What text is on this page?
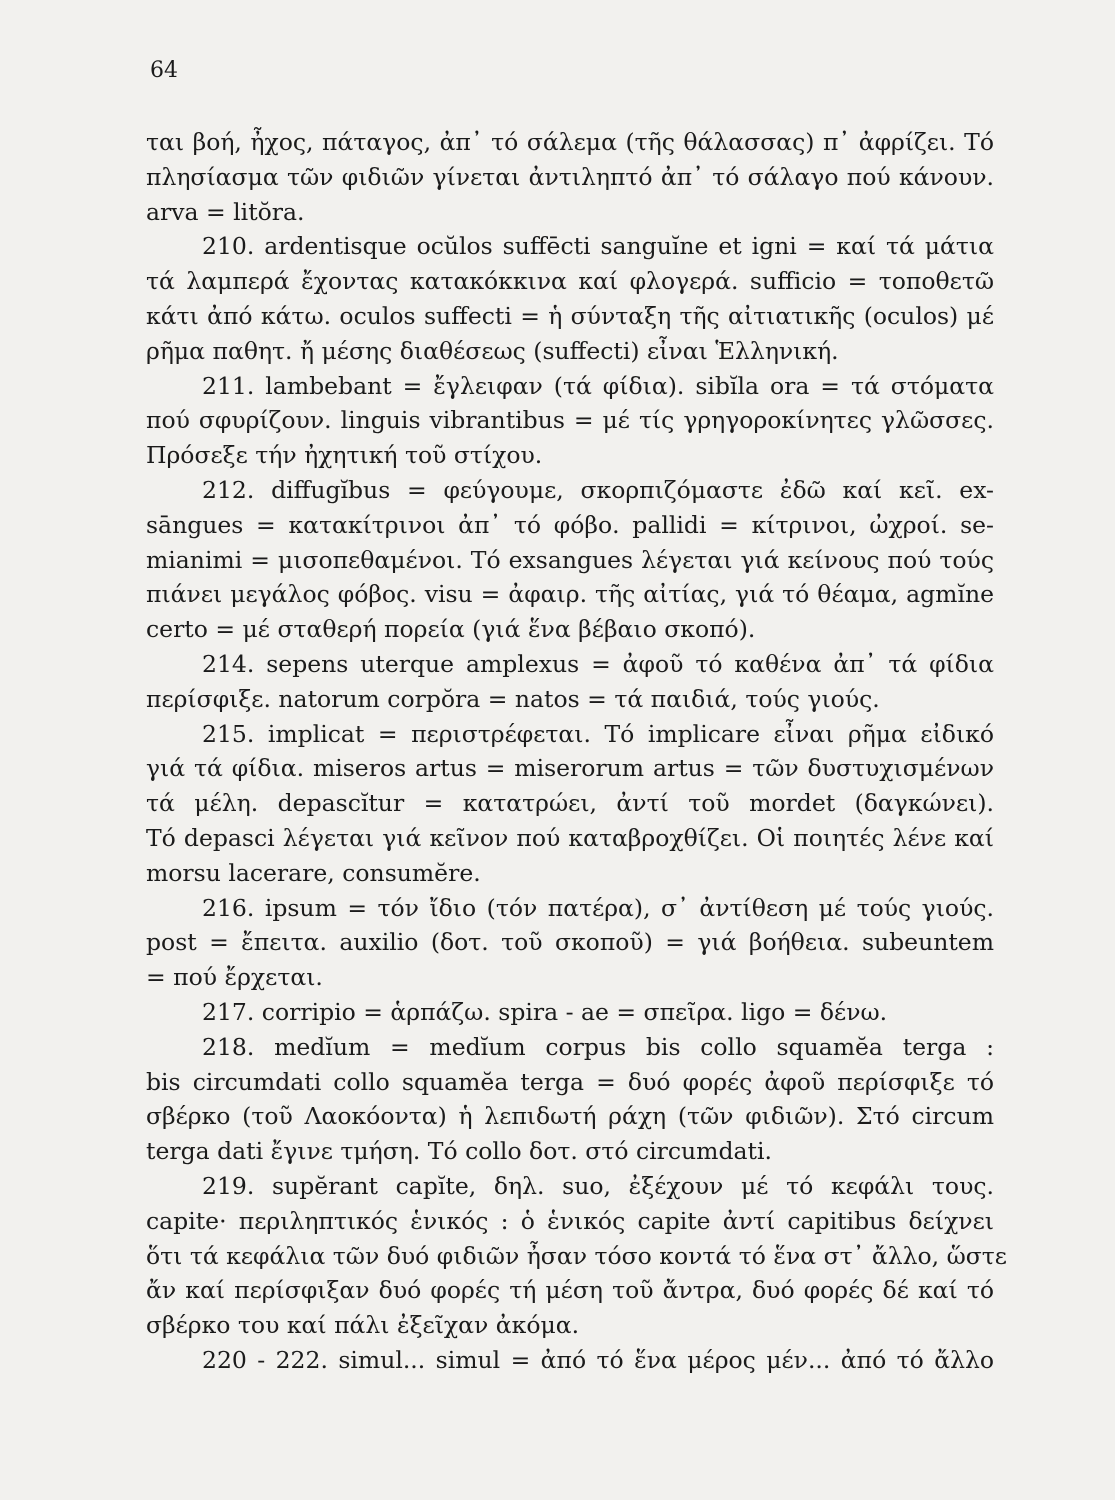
64
ται βοή, ἦχος, πάταγος, ἀπ᾽ τό σάλεμα (τῆς θάλασσας) π᾽ ἀφρίζει. Τό
πλησίασμα τῶν φιδιῶν γίνεται ἀντιληπτό ἀπ᾽ τό σάλαγο πού κάνουν.
arva = litŏra.
210. ardentisque ocŭlos suffēcti sanguĭne et igni = καί τά μάτια
τά λαμπερά ἔχοντας κατακόκκινα καί φλογερά. sufficio = τοποθετῶ
κάτι ἀπό κάτω. oculos suffecti = ἡ σύνταξη τῆς αἰτιατικῆς (oculos) μέ
ρῆμα παθητ. ἤ μέσης διαθέσεως (suffecti) εἶναι Ἑλληνική.
211. lambebant = ἔγλειφαν (τά φίδια). sibĭla ora = τά στόματα
πού σφυρίζουν. linguis vibrantibus = μέ τίς γρηγοροκίνητες γλῶσσες.
Πρόσεξε τήν ἠχητική τοῦ στίχου.
212. diffugĭbus = φεύγουμε, σκορπιζόμαστε ἐδῶ καί κεῖ. ex-
sāngues = κατακίτρινοι ἀπ᾽ τό φόβο. pallidi = κίτρινοι, ὠχροί. se-
mianimi = μισοπεθαμένοι. Τό exsangues λέγεται γιά κείνους πού τούς
πιάνει μεγάλος φόβος. visu = ἀφαιρ. τῆς αἰτίας, γιά τό θέαμα, agmĭne
certo = μέ σταθερή πορεία (γιά ἕνα βέβαιο σκοπό).
214. sepens uterque amplexus = ἀφοῦ τό καθένα ἀπ᾽ τά φίδια
περίσφιξε. natorum corpŏra = natos = τά παιδιά, τούς γιούς.
215. implicat = περιστρέφεται. Τό implicare εἶναι ρῆμα εἰδικό
γιά τά φίδια. miseros artus = miserorum artus = τῶν δυστυχισμένων
τά μέλη. depascĭtur = κατατρώει, ἀντί τοῦ mordet (δαγκώνει).
Τό depasci λέγεται γιά κεῖνον πού καταβροχθίζει. Οἱ ποιητές λένε καί
morsu lacerare, consumĕre.
216. ipsum = τόν ἴδιο (τόν πατέρα), σ᾽ ἀντίθεση μέ τούς γιούς.
post = ἔπειτα. auxilio (δοτ. τοῦ σκοποῦ) = γιά βοήθεια. subeuntem
= πού ἔρχεται.
217. corripio = ἁρπάζω. spira - ae = σπεῖρα. ligo = δένω.
218. medĭum = medĭum corpus bis collo squamĕa terga :
bis circumdati collo squamĕa terga = δυό φορές ἀφοῦ περίσφιξε τό
σβέρκο (τοῦ Λαοκόοντα) ἡ λεπιδωτή ράχη (τῶν φιδιῶν). Στό circum
terga dati ἔγινε τμήση. Τό collo δοτ. στό circumdati.
219. supĕrant capĭte, δηλ. suo, ἐξέχουν μέ τό κεφάλι τους.
capite· περιληπτικός ἑνικός : ὁ ἑνικός capite ἀντί capitibus δείχνει
ὅτι τά κεφάλια τῶν δυό φιδιῶν ἦσαν τόσο κοντά τό ἕνα στ᾽ ἄλλο, ὥστε
ἄν καί περίσφιξαν δυό φορές τή μέση τοῦ ἄντρα, δυό φορές δέ καί τό
σβέρκο του καί πάλι ἐξεῖχαν ἀκόμα.
220 - 222. simul... simul = ἀπό τό ἕνα μέρος μέν... ἀπό τό ἄλλο
